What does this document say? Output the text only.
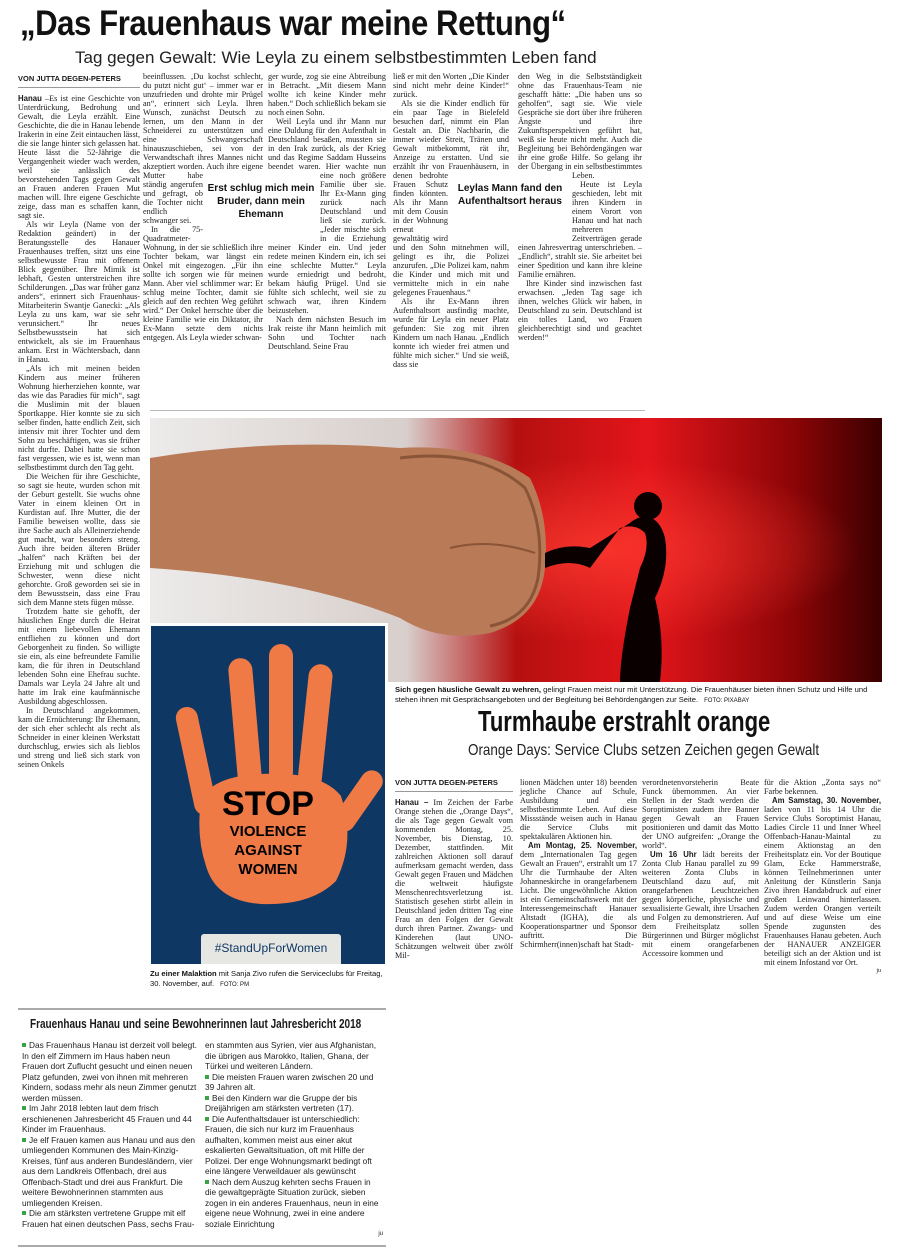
„Das Frauenhaus war meine Rettung“
Tag gegen Gewalt: Wie Leyla zu einem selbstbestimmten Leben fand
VON JUTTA DEGEN-PETERS

Hanau –Es ist eine Geschichte von Unterdrückung, Bedrohung und Gewalt, die Leyla erzählt. Eine Geschichte, die die in Hanau lebende Irakerin in eine Zeit eintauchen lässt, die sie lange hinter sich gelassen hat. Heute lässt die 52-Jährige die Vergangenheit wieder wach werden, weil sie anlässlich des bevorstehenden Tags gegen Gewalt an Frauen anderen Frauen Mut machen will. Ihre eigene Geschichte zeige, dass man es schaffen kann, sagt sie.

Als wir Leyla (Name von der Redaktion geändert) in der Beratungsstelle des Hanauer Frauenhauses treffen, sitzt uns eine selbstbewusste Frau mit offenem Blick gegenüber. Ihre Mimik ist lebhaft, Gesten unterstreichen ihre Schilderungen. „Das war früher ganz anders“, erinnert sich Frauenhaus-Mitarbeiterin Swantje Ganecki: „Als Leyla zu uns kam, war sie sehr verunsichert.“ Ihr neues Selbstbewusstsein hat sich entwickelt, als sie im Frauenhaus ankam. Erst in Wächtersbach, dann in Hanau.

„Als ich mit meinen beiden Kindern aus meiner früheren Wohnung hierherziehen konnte, war das wie das Paradies für mich“, sagt die Muslimin mit der blauen Sportkappe. Hier konnte sie zu sich selber finden, hatte endlich Zeit, sich intensiv mit ihrer Tochter und dem Sohn zu beschäftigen, was sie früher nicht durfte. Dabei hatte sie schon fast vergessen, wie es ist, wenn man selbstbestimmt durch den Tag geht.

Die Weichen für ihre Geschichte, so sagt sie heute, wurden schon mit der Geburt gestellt. Sie wuchs ohne Vater in einem kleinen Ort in Kurdistan auf. Ihre Mutter, die der Familie beweisen wollte, dass sie ihre Sache auch als Alleinerziehende gut macht, war besonders streng. Auch ihre beiden älteren Brüder „halfen“ nach Kräften bei der Erziehung mit und schlugen die Schwester, wenn diese nicht gehorchte. Groß geworden sei sie in dem Bewusstsein, dass eine Frau sich dem Manne stets fügen müsse.

Trotzdem hatte sie gehofft, der häuslichen Enge durch die Heirat mit einem liebevollen Ehemann entfliehen zu können und dort Geborgenheit zu finden. So willigte sie ein, als eine befreundete Familie kam, die für ihren in Deutschland lebenden Sohn eine Ehefrau suchte. Damals war Leyla 24 Jahre alt und hatte im Irak eine kaufmännische Ausbildung abgeschlossen.

In Deutschland angekommen, kam die Ernüchterung: Ihr Ehemann, der sich eher schlecht als recht als Schneider in einer kleinen Werkstatt durchschlug, erwies sich als lieblos und streng und ließ sich stark von seinen Onkels

beeinflussen. ‚Du kochst schlecht, du putzt nicht gut‘ – immer war er unzufrieden und drohte mir Prügel an“, erinnert sich Leyla. Ihren Wunsch, zunächst Deutsch zu lernen, um den Mann in der Schneiderei zu unterstützen und eine Schwangerschaft hinauszuschieben, sei von der Verwandtschaft ihres Mannes nicht akzeptiert worden. Auch ihre eigene Mutter habe ständig angerufen und gefragt, ob die Tochter nicht endlich schwanger sei.

In die 75-Quadratmeter-Wohnung, in der sie schließlich ihre Tochter bekam, war längst ein Onkel mit eingezogen. „Für ihn sollte ich sorgen wie für meinen Mann. Aber viel schlimmer war: Er schlug meine Tochter, damit sie gleich auf den rechten Weg geführt wird.“ Der Onkel herrschte über die kleine Familie wie ein Diktator, ihr Ex-Mann setzte dem nichts entgegen. Als Leyla wieder schwan-

ger wurde, zog sie eine Abtreibung in Betracht. „Mit diesem Mann wollte ich keine Kinder mehr haben.“ Doch schließlich bekam sie noch einen Sohn.

Weil Leyla und ihr Mann nur eine Duldung für den Aufenthalt in Deutschland besaßen, mussten sie in den Irak zurück, als der Krieg und das Regime Saddam Husseins beendet waren. Hier wachte nun eine noch größere Familie über sie. Ihr Ex-Mann ging zurück nach Deutschland und ließ sie zurück. „Jeder mischte sich in die Erziehung meiner Kinder ein. Und jeder redete meinen Kindern ein, ich sei eine schlechte Mutter.“ Leyla wurde erniedrigt und bedroht, bekam häufig Prügel. Und sie fühlte sich schlecht, weil sie zu schwach war, ihren Kindern beizustehen.

Nach dem nächsten Besuch im Irak reiste ihr Mann heimlich mit Sohn und Tochter nach Deutschland. Seine Frau

ließ er mit den Worten „Die Kinder sind nicht mehr deine Kinder!“ zurück.

Als sie die Kinder endlich für ein paar Tage in Bielefeld besuchen darf, nimmt ein Plan Gestalt an. Die Nachbarin, die immer wieder Streit, Tränen und Gewalt mitbekommt, rät ihr, Anzeige zu erstatten. Und sie erzählt ihr von Frauenhäusern, in denen bedrohte Frauen Schutz finden könnten. Als ihr Mann mit dem Cousin in der Wohnung erneut gewalttätig wird und den Sohn mitnehmen will, gelingt es ihr, die Polizei anzurufen. „Die Polizei kam, nahm die Kinder und mich mit und vermittelte mich in ein nahe gelegenes Frauenhaus.“

Als ihr Ex-Mann ihren Aufenthaltsort ausfindig machte, wurde für Leyla ein neuer Platz gefunden: Sie zog mit ihren Kindern um nach Hanau. „Endlich konnte ich wieder frei atmen und fühlte mich sicher.“ Und sie weiß, dass sie

den Weg in die Selbstständigkeit ohne das Frauenhaus-Team nie geschafft hätte: „Die haben uns so geholfen“, sagt sie. Wie viele Gespräche sie dort über ihre früheren Ängste und ihre Zukunftsperspektiven geführt hat, weiß sie heute nicht mehr. Auch die Begleitung bei Behördengängen war ihr eine große Hilfe. So gelang ihr der Übergang in ein selbstbestimmtes Leben.

Heute ist Leyla geschieden, lebt mit ihren Kindern in einem Vorort von Hanau und hat nach mehreren Zeitverträgen gerade einen Jahresvertrag unterschrieben. – „Endlich“, strahlt sie. Sie arbeitet bei einer Spedition und kann ihre kleine Familie ernähren.

Ihre Kinder sind inzwischen fast erwachsen. „Jeden Tag sage ich ihnen, welches Glück wir haben, in Deutschland zu sein. Deutschland ist ein tolles Land, wo Frauen gleichberechtigt sind und geachtet werden!“

Erst schlug mich mein Bruder, dann mein Ehemann
Leylas Mann fand den Aufenthaltsort heraus
Sich gegen häusliche Gewalt zu wehren, gelingt Frauen meist nur mit Unterstützung. Die Frauenhäuser bieten ihnen Schutz und Hilfe und stehen ihnen mit Gesprächsangeboten und der Begleitung bei Behördengängen zur Seite. FOTO: PIXABAY
STOP
VIOLENCE
AGAINST
WOMEN
#StandUpForWomen
Zu einer Malaktion mit Sanja Zivo rufen die Serviceclubs für Freitag, 30. November, auf. FOTO: PM
Turmhaube erstrahlt orange
Orange Days: Service Clubs setzen Zeichen gegen Gewalt
VON JUTTA DEGEN-PETERS

Hanau – Im Zeichen der Farbe Orange stehen die „Orange Days“, die als Tage gegen Gewalt vom kommenden Montag, 25. November, bis Dienstag, 10. Dezember, stattfinden. Mit zahlreichen Aktionen soll darauf aufmerksam gemacht werden, dass Gewalt gegen Frauen und Mädchen die weltweit häufigste Menschenrechtsverletzung ist. Statistisch gesehen stirbt allein in Deutschland jeden dritten Tag eine Frau an den Folgen der Gewalt durch ihren Partner. Zwangs- und Kinderehen (laut UNO-Schätzungen weltweit über zwölf Mil-

lionen Mädchen unter 18) beenden jegliche Chance auf Schule, Ausbildung und ein selbstbestimmte Leben. Auf diese Missstände weisen auch in Hanau die Service Clubs mit spektakulären Aktionen hin.

Am Montag, 25. November, dem „Internationalen Tag gegen Gewalt an Frauen“, erstrahlt um 17 Uhr die Turmhaube der Alten Johanneskirche in orangefarbenem Licht. Die ungewöhnliche Aktion ist ein Gemeinschaftswerk mit der Interessengemeinschaft Hanauer Altstadt (IGHA), die als Kooperationspartner und Sponsor auftritt. Die Schirmherr(innen)schaft hat Stadt-

verordnetenvorsteherin Beate Funck übernommen. An vier Stellen in der Stadt werden die Soroptimisten zudem ihre Banner gegen Gewalt an Frauen positionieren und damit das Motto der UNO aufgreifen: „Orange the world“.

Um 16 Uhr lädt bereits der Zonta Club Hanau parallel zu 99 weiteren Zonta Clubs in Deutschland dazu auf, mit orangefarbenen Leuchtzeichen gegen körperliche, physische und sexualisierte Gewalt, ihre Ursachen und Folgen zu demonstrieren. Auf dem Freiheitsplatz sollen Bürgerinnen und Bürger möglichst mit einem orangefarbenen Accessoire kommen und

für die Aktion „Zonta says no“ Farbe bekennen.

Am Samstag, 30. November, laden von 11 bis 14 Uhr die Service Clubs Soroptimist Hanau, Ladies Circle 11 und Inner Wheel Offenbach-Hanau-Maintal zu einem Aktionstag an den Freiheitsplatz ein. Vor der Boutique Glam, Ecke Hammerstraße, können Teilnehmerinnen unter Anleitung der Künstlerin Sanja Zivo ihren Handabdruck auf einer großen Leinwand hinterlassen. Zudem werden Orangen verteilt und auf diese Weise um eine Spende zugunsten des Frauenhauses Hanau gebeten. Auch der HANAUER ANZEIGER beteiligt sich an der Aktion und ist mit einem Infostand vor Ort.

ju
Frauenhaus Hanau und seine Bewohnerinnen laut Jahresbericht 2018
Das Frauenhaus Hanau ist derzeit voll belegt. In den elf Zimmern im Haus haben neun Frauen dort Zuflucht gesucht und einen neuen Platz gefunden, zwei von ihnen mit mehreren Kindern, sodass mehr als neun Zimmer genutzt werden müssen.
Im Jahr 2018 lebten laut dem frisch erschienenen Jahresbericht 45 Frauen und 44 Kinder im Frauenhaus.
Je elf Frauen kamen aus Hanau und aus den umliegenden Kommunen des Main-Kinzig-Kreises, fünf aus anderen Bundesländern, vier aus dem Landkreis Offenbach, drei aus Offenbach-Stadt und drei aus Frankfurt. Die weitere Bewohnerinnen stammten aus umliegenden Kreisen.
Die am stärksten vertretene Gruppe mit elf Frauen hat einen deutschen Pass, sechs Frau-
en stammten aus Syrien, vier aus Afghanistan, die übrigen aus Marokko, Italien, Ghana, der Türkei und weiteren Ländern.
Die meisten Frauen waren zwischen 20 und 39 Jahren alt.
Bei den Kindern war die Gruppe der bis Dreijährigen am stärksten vertreten (17).
Die Aufenthaltsdauer ist unterschiedlich: Frauen, die sich nur kurz im Frauenhaus aufhalten, kommen meist aus einer akut eskalierten Gewaltsituation, oft mit Hilfe der Polizei. Der enge Wohnungsmarkt bedingt oft eine längere Verweildauer als gewünscht
Nach dem Auszug kehrten sechs Frauen in die gewaltgeprägte Situation zurück, sieben zogen in ein anderes Frauenhaus, neun in eine eigene neue Wohnung, zwei in eine andere soziale Einrichtung
ju
